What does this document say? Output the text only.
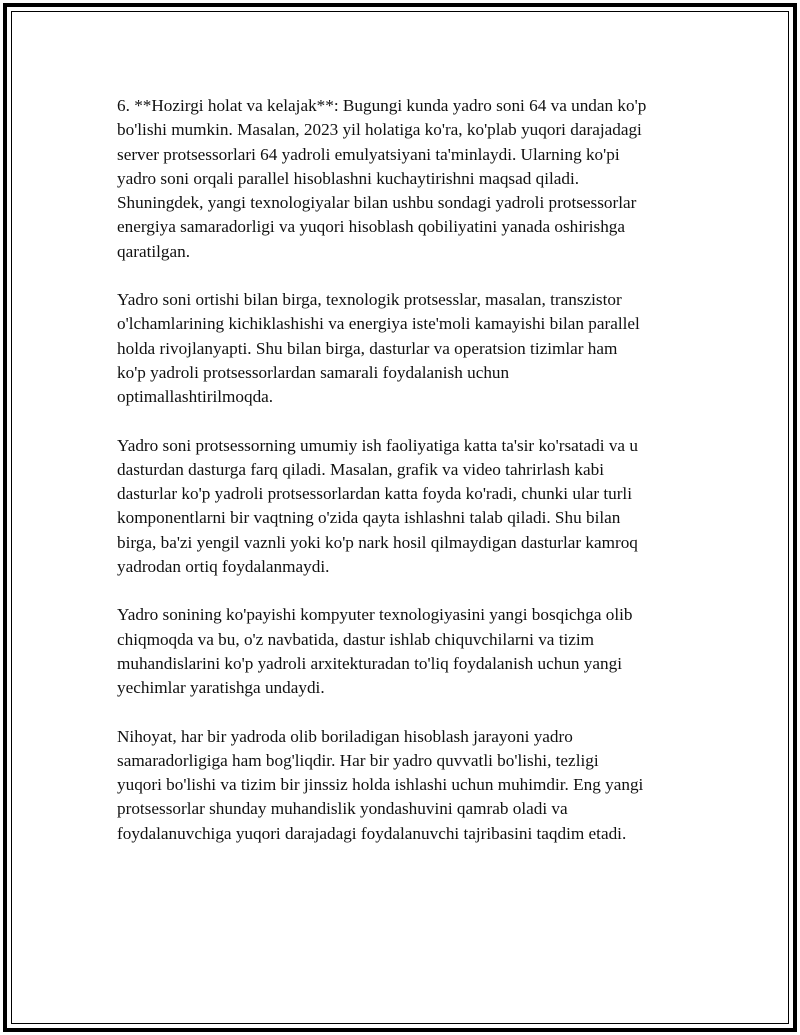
6. **Hozirgi holat va kelajak**: Bugungi kunda yadro soni 64 va undan ko'p
bo'lishi mumkin. Masalan, 2023 yil holatiga ko'ra, ko'plab yuqori darajadagi
server protsessorlari 64 yadroli emulyatsiyani ta'minlaydi. Ularning ko'pi
yadro soni orqali parallel hisoblashni kuchaytirishni maqsad qiladi.
Shuningdek, yangi texnologiyalar bilan ushbu sondagi yadroli protsessorlar
energiya samaradorligi va yuqori hisoblash qobiliyatini yanada oshirishga
qaratilgan.
Yadro soni ortishi bilan birga, texnologik protsesslar, masalan, transzistor
o'lchamlarining kichiklashishi va energiya iste'moli kamayishi bilan parallel
holda rivojlanyapti. Shu bilan birga, dasturlar va operatsion tizimlar ham
ko'p yadroli protsessorlardan samarali foydalanish uchun
optimallashtirilmoqda.
Yadro soni protsessorning umumiy ish faoliyatiga katta ta'sir ko'rsatadi va u
dasturdan dasturga farq qiladi. Masalan, grafik va video tahrirlash kabi
dasturlar ko'p yadroli protsessorlardan katta foyda ko'radi, chunki ular turli
komponentlarni bir vaqtning o'zida qayta ishlashni talab qiladi. Shu bilan
birga, ba'zi yengil vaznli yoki ko'p nark hosil qilmaydigan dasturlar kamroq
yadrodan ortiq foydalanmaydi.
Yadro sonining ko'payishi kompyuter texnologiyasini yangi bosqichga olib
chiqmoqda va bu, o'z navbatida, dastur ishlab chiquvchilarni va tizim
muhandislarini ko'p yadroli arxitekturadan to'liq foydalanish uchun yangi
yechimlar yaratishga undaydi.
Nihoyat, har bir yadroda olib boriladigan hisoblash jarayoni yadro
samaradorligiga ham bog'liqdir. Har bir yadro quvvatli bo'lishi, tezligi
yuqori bo'lishi va tizim bir jinssiz holda ishlashi uchun muhimdir. Eng yangi
protsessorlar shunday muhandislik yondashuvini qamrab oladi va
foydalanuvchiga yuqori darajadagi foydalanuvchi tajribasini taqdim etadi.
